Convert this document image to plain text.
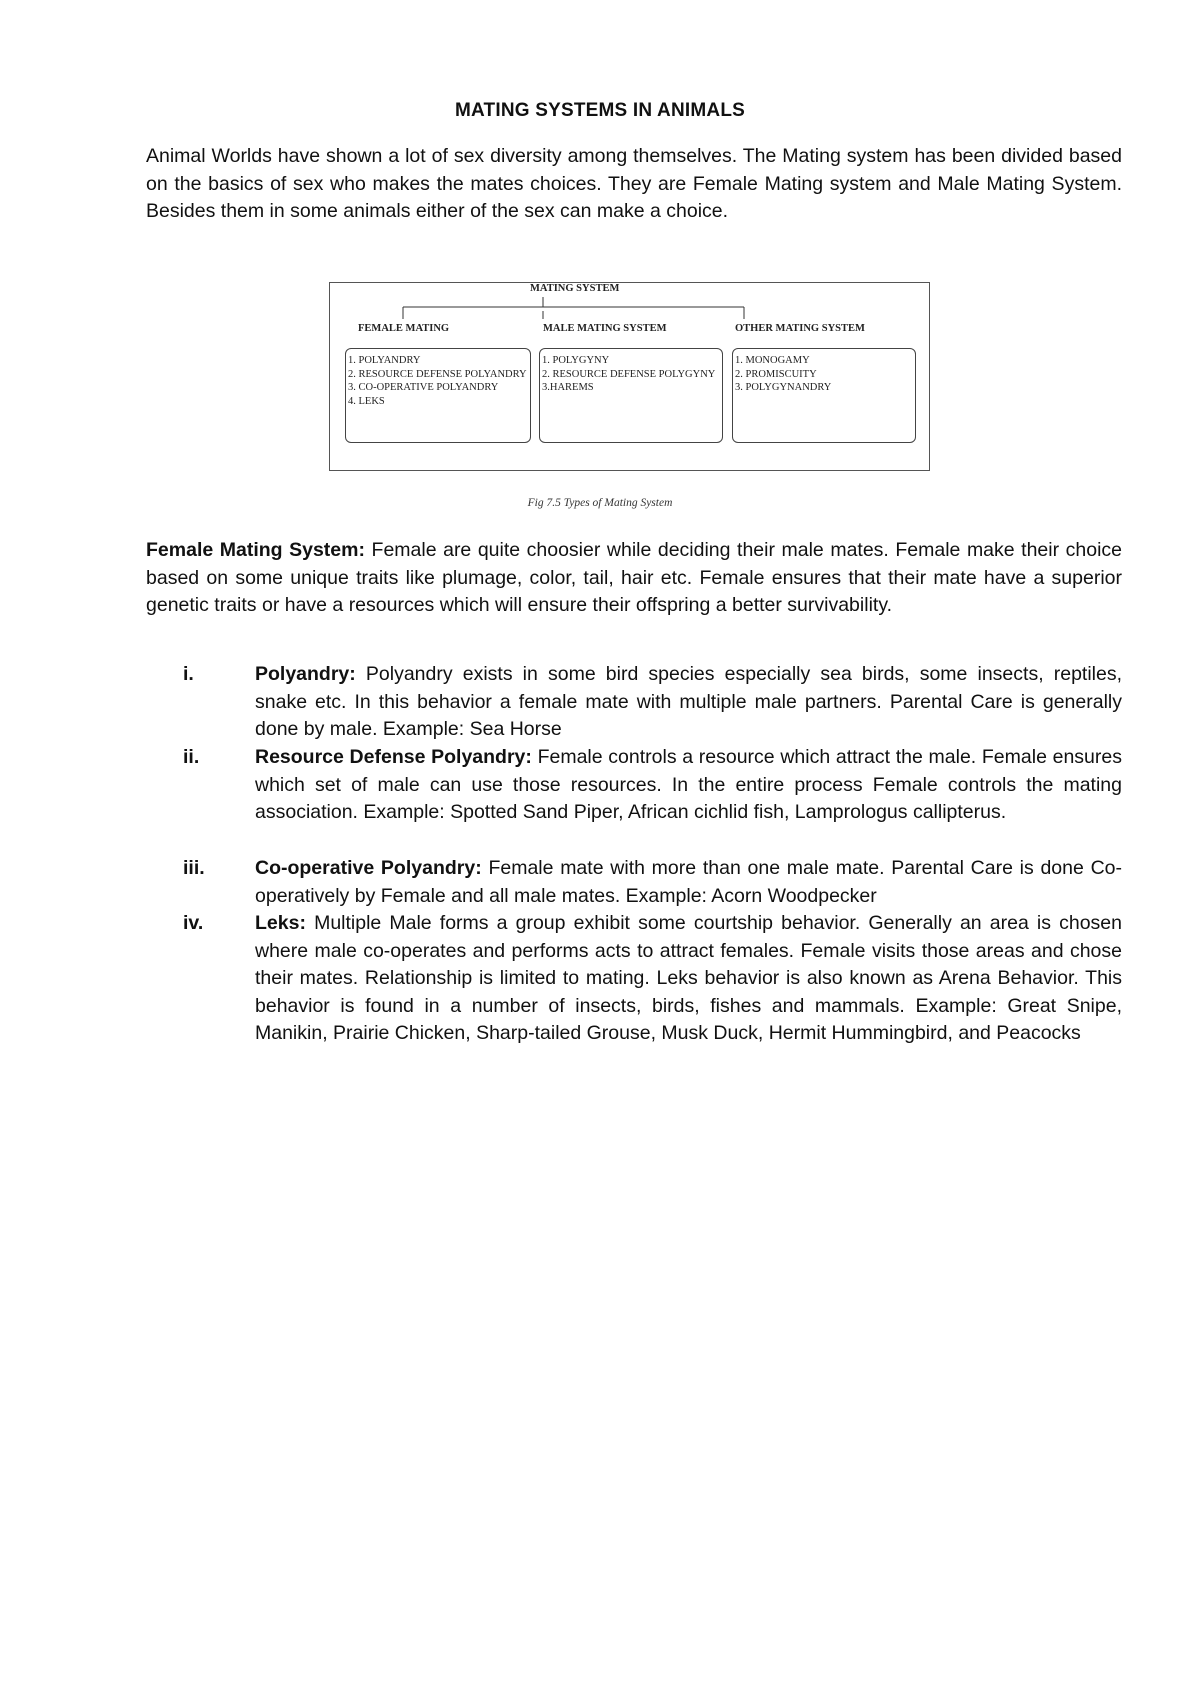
MATING SYSTEMS IN ANIMALS

Animal Worlds have shown a lot of sex diversity among themselves. The Mating system has been divided based on the basics of sex who makes the mates choices. They are Female Mating system and Male Mating System. Besides them in some animals either of the sex can make a choice.

MATING SYSTEM
FEMALE MATING	MALE MATING SYSTEM	OTHER MATING SYSTEM
1. POLYANDRY
2. RESOURCE DEFENSE POLYANDRY
3. CO-OPERATIVE POLYANDRY
4. LEKS
1. POLYGYNY
2. RESOURCE DEFENSE POLYGYNY
3.HAREMS
1. MONOGAMY
2. PROMISCUITY
3. POLYGYNANDRY
Fig 7.5 Types of Mating System

Female Mating System: Female are quite choosier while deciding their male mates. Female make their choice based on some unique traits like plumage, color, tail, hair etc. Female ensures that their mate have a superior genetic traits or have a resources which will ensure their offspring a better survivability.

i.	Polyandry: Polyandry exists in some bird species especially sea birds, some insects, reptiles, snake etc. In this behavior a female mate with multiple male partners. Parental Care is generally done by male. Example: Sea Horse
ii.	Resource Defense Polyandry: Female controls a resource which attract the male. Female ensures which set of male can use those resources. In the entire process Female controls the mating association. Example: Spotted Sand Piper, African cichlid fish, Lamprologus callipterus.
iii.	Co-operative Polyandry: Female mate with more than one male mate. Parental Care is done Co-operatively by Female and all male mates. Example: Acorn Woodpecker
iv.	Leks: Multiple Male forms a group exhibit some courtship behavior. Generally an area is chosen where male co-operates and performs acts to attract females. Female visits those areas and chose their mates. Relationship is limited to mating. Leks behavior is also known as Arena Behavior. This behavior is found in a number of insects, birds, fishes and mammals. Example: Great Snipe, Manikin, Prairie Chicken, Sharp-tailed Grouse, Musk Duck, Hermit Hummingbird, and Peacocks
